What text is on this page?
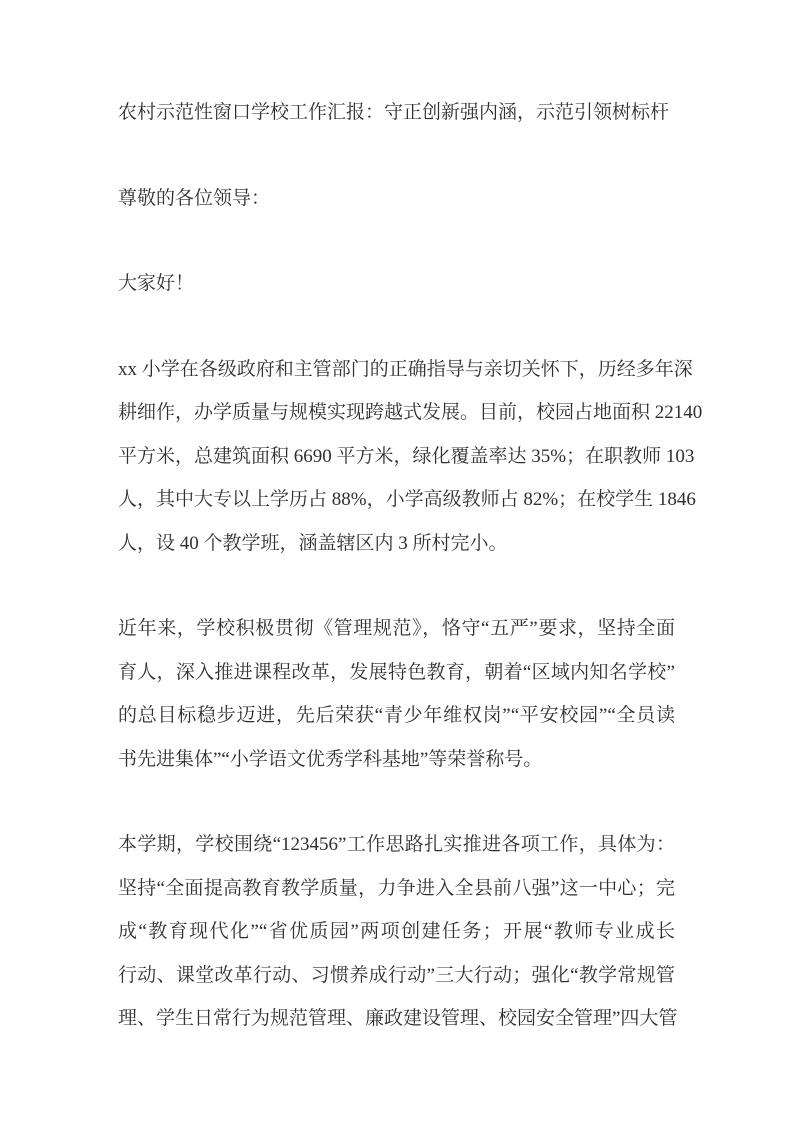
农村示范性窗口学校工作汇报：守正创新强内涵，示范引领树标杆
尊敬的各位领导：
大家好！
xx 小学在各级政府和主管部门的正确指导与亲切关怀下，历经多年深
耕细作，办学质量与规模实现跨越式发展。目前，校园占地面积 22140
平方米，总建筑面积 6690 平方米，绿化覆盖率达 35%；在职教师 103
人，其中大专以上学历占 88%，小学高级教师占 82%；在校学生 1846
人，设 40 个教学班，涵盖辖区内 3 所村完小。
近年来，学校积极贯彻《管理规范》，恪守“五严”要求，坚持全面
育人，深入推进课程改革，发展特色教育，朝着“区域内知名学校”
的总目标稳步迈进，先后荣获“青少年维权岗”“平安校园”“全员读
书先进集体”“小学语文优秀学科基地”等荣誉称号。
本学期，学校围绕“123456”工作思路扎实推进各项工作，具体为：
坚持“全面提高教育教学质量，力争进入全县前八强”这一中心；完
成“教育现代化”“省优质园”两项创建任务；开展“教师专业成长
行动、课堂改革行动、习惯养成行动”三大行动；强化“教学常规管
理、学生日常行为规范管理、廉政建设管理、校园安全管理”四大管
